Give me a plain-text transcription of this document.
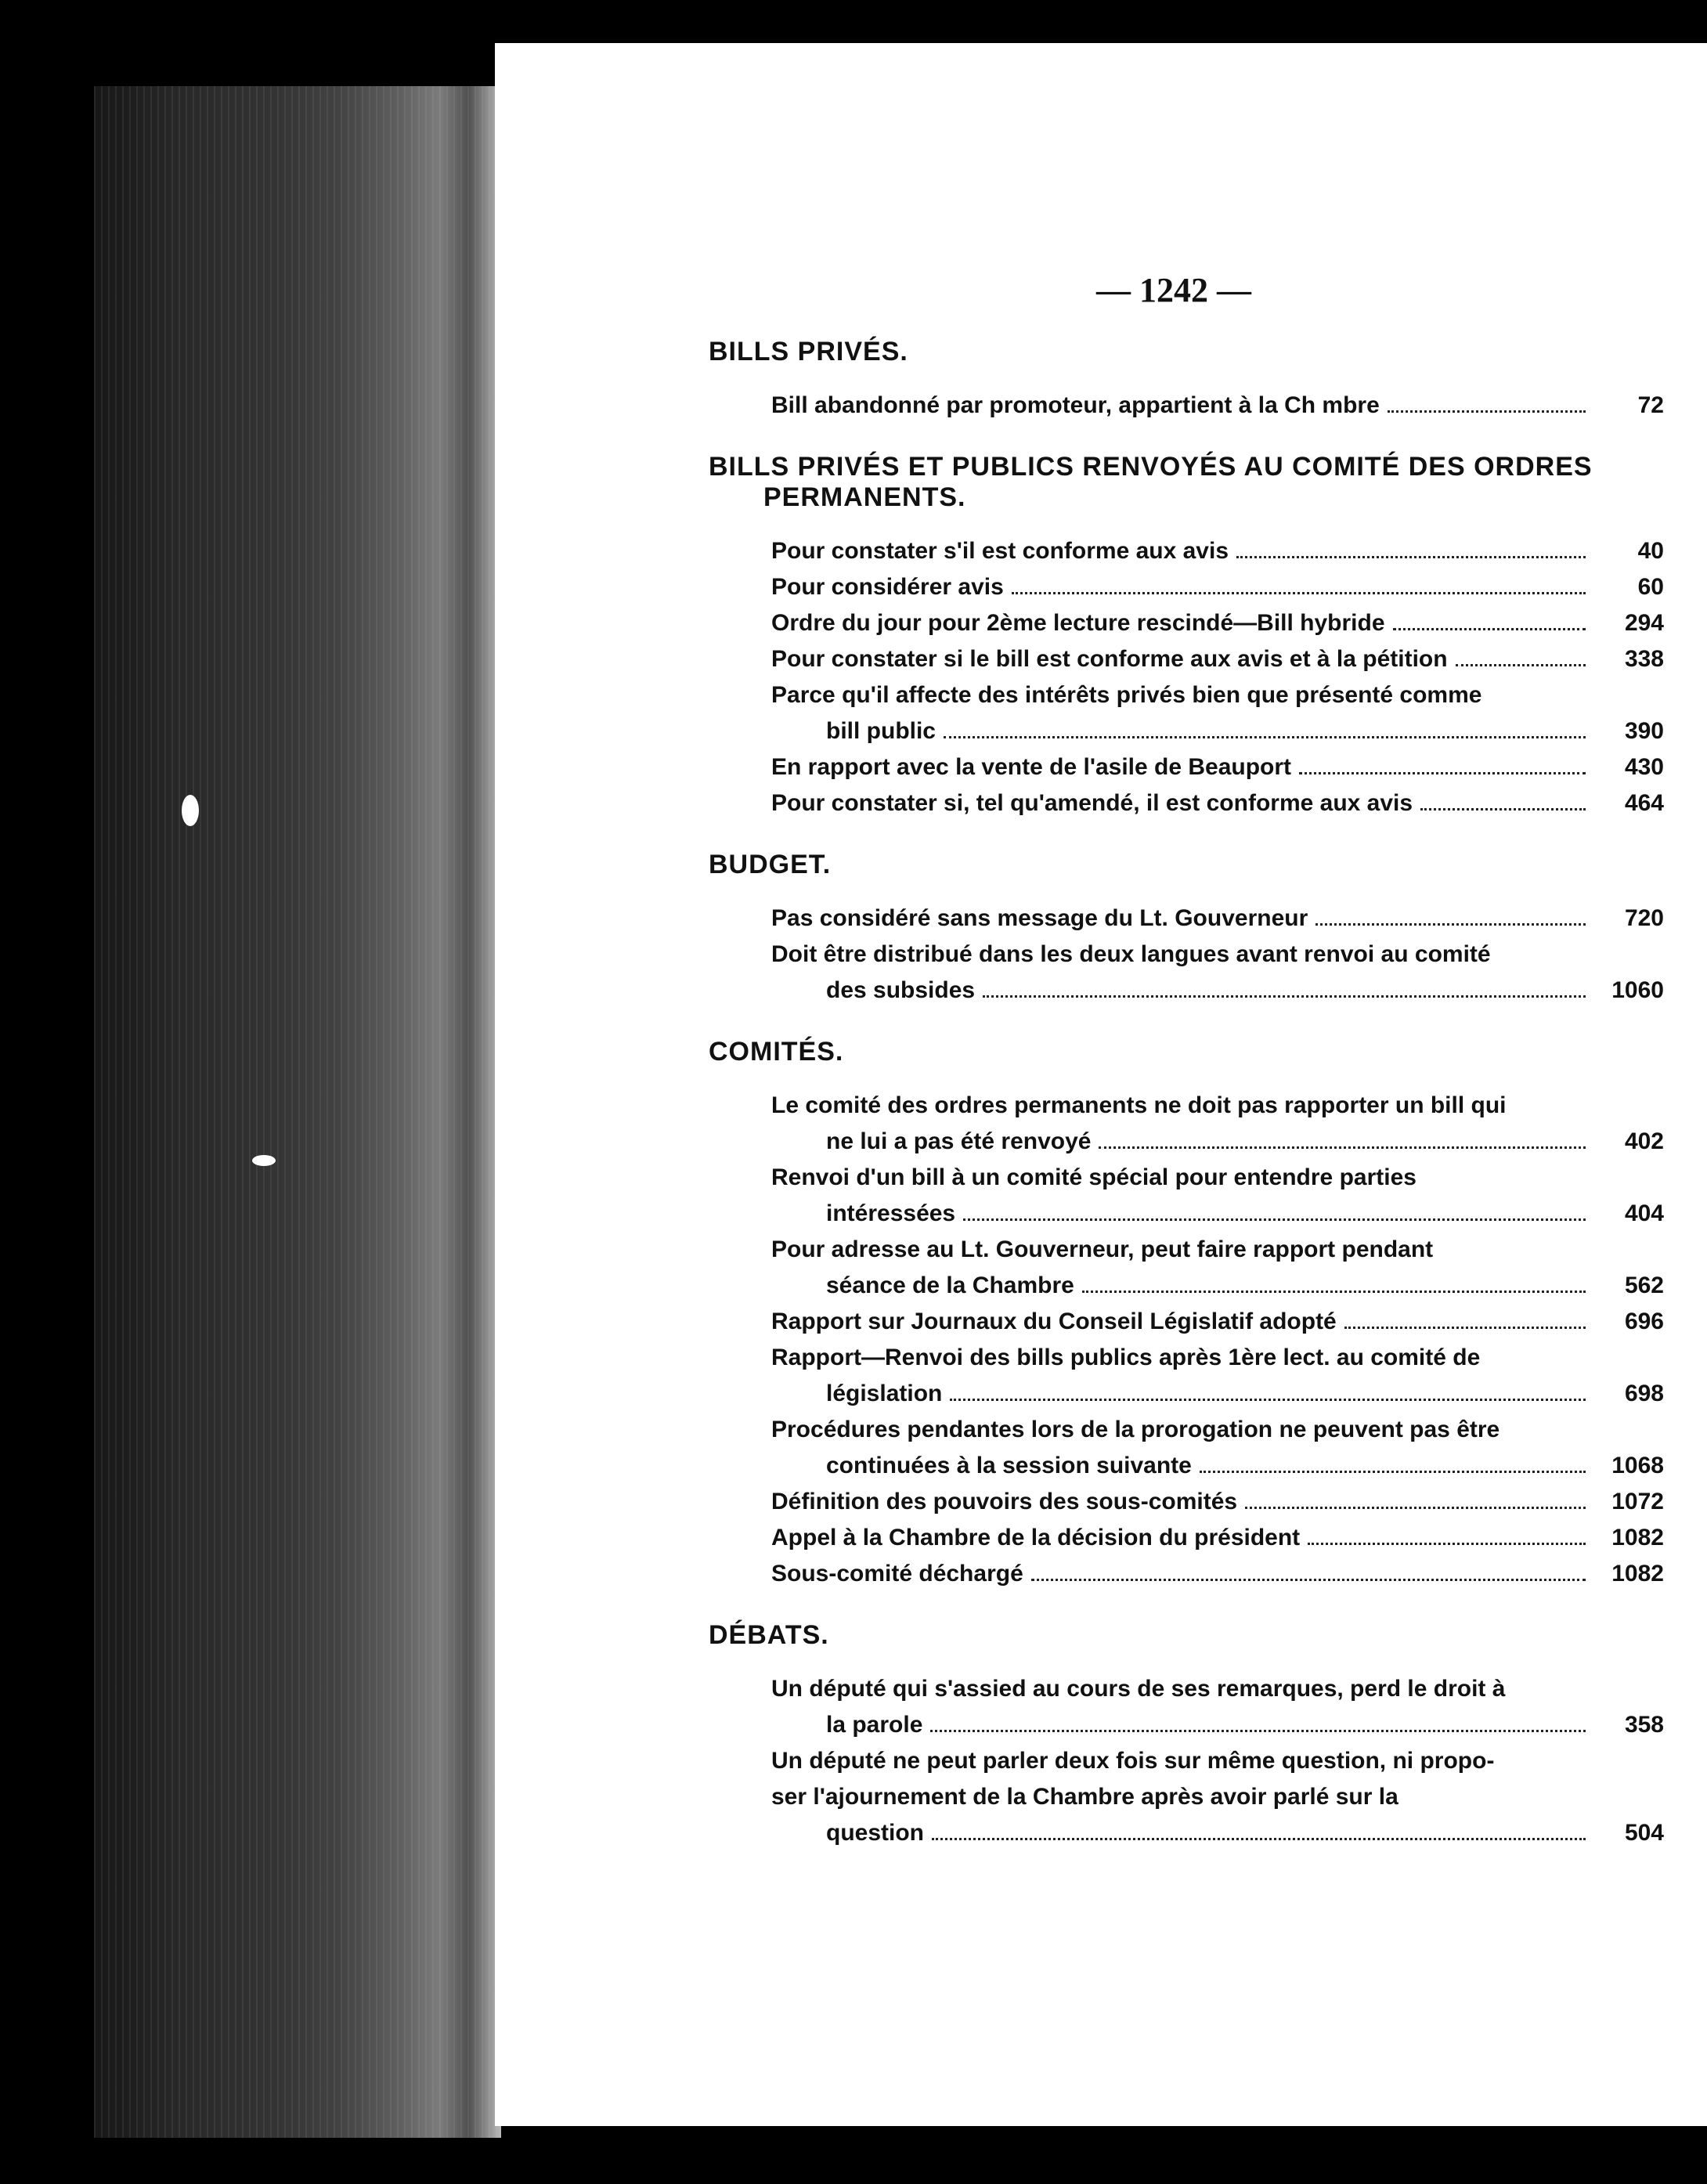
— 1242 —
BILLS PRIVÉS.
Bill abandonné par promoteur, appartient à la Ch mbre	72
BILLS PRIVÉS ET PUBLICS RENVOYÉS AU COMITÉ DES ORDRES
PERMANENTS.
Pour constater s'il est conforme aux avis	40
Pour considérer avis	60
Ordre du jour pour 2ème lecture rescindé—Bill hybride	294
Pour constater si le bill est conforme aux avis et à la pétition	338
Parce qu'il affecte des intérêts privés bien que présenté comme
bill public	390
En rapport avec la vente de l'asile de Beauport	430
Pour constater si, tel qu'amendé, il est conforme aux avis	464
BUDGET.
Pas considéré sans message du Lt. Gouverneur	720
Doit être distribué dans les deux langues avant renvoi au comité
des subsides	1060
COMITÉS.
Le comité des ordres permanents ne doit pas rapporter un bill qui
ne lui a pas été renvoyé	402
Renvoi d'un bill à un comité spécial pour entendre parties
intéressées	404
Pour adresse au Lt. Gouverneur, peut faire rapport pendant
séance de la Chambre	562
Rapport sur Journaux du Conseil Législatif adopté	696
Rapport—Renvoi des bills publics après 1ère lect. au comité de
législation	698
Procédures pendantes lors de la prorogation ne peuvent pas être
continuées à la session suivante	1068
Définition des pouvoirs des sous-comités	1072
Appel à la Chambre de la décision du président	1082
Sous-comité déchargé	1082
DÉBATS.
Un député qui s'assied au cours de ses remarques, perd le droit à
la parole	358
Un député ne peut parler deux fois sur même question, ni propo-
ser l'ajournement de la Chambre après avoir parlé sur la
question	504
